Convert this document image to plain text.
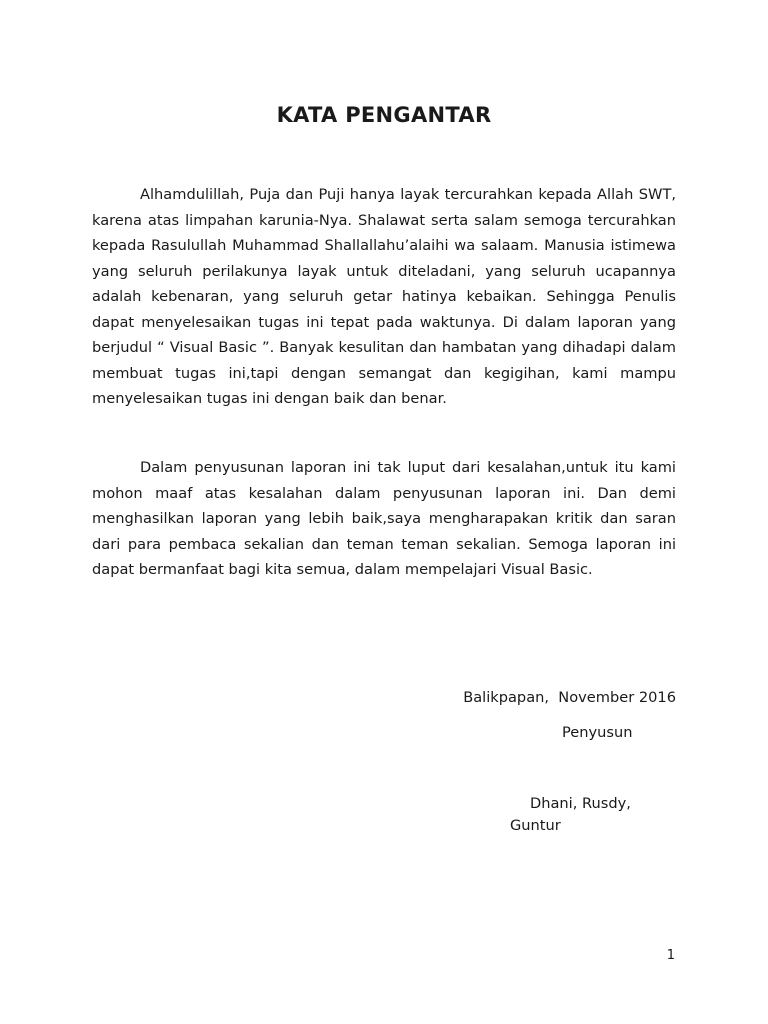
KATA PENGANTAR

Alhamdulillah, Puja dan Puji hanya layak tercurahkan kepada Allah SWT, karena atas limpahan karunia-Nya. Shalawat serta salam semoga tercurahkan kepada Rasulullah Muhammad Shallallahu’alaihi wa salaam. Manusia istimewa yang seluruh perilakunya layak untuk diteladani, yang seluruh ucapannya adalah kebenaran, yang seluruh getar hatinya kebaikan. Sehingga Penulis dapat menyelesaikan tugas ini tepat pada waktunya. Di dalam laporan yang berjudul “ Visual Basic ”. Banyak kesulitan dan hambatan yang dihadapi dalam membuat tugas ini,tapi dengan semangat dan kegigihan, kami mampu menyelesaikan tugas ini dengan baik dan benar.

Dalam penyusunan laporan ini tak luput dari kesalahan,untuk itu kami mohon maaf atas kesalahan dalam penyusunan laporan ini. Dan demi menghasilkan laporan yang lebih baik,saya mengharapakan kritik dan saran dari para pembaca sekalian dan teman teman sekalian. Semoga laporan ini dapat bermanfaat bagi kita semua, dalam mempelajari Visual Basic.

Balikpapan,  November 2016

Penyusun

Dhani, Rusdy, Guntur

1
